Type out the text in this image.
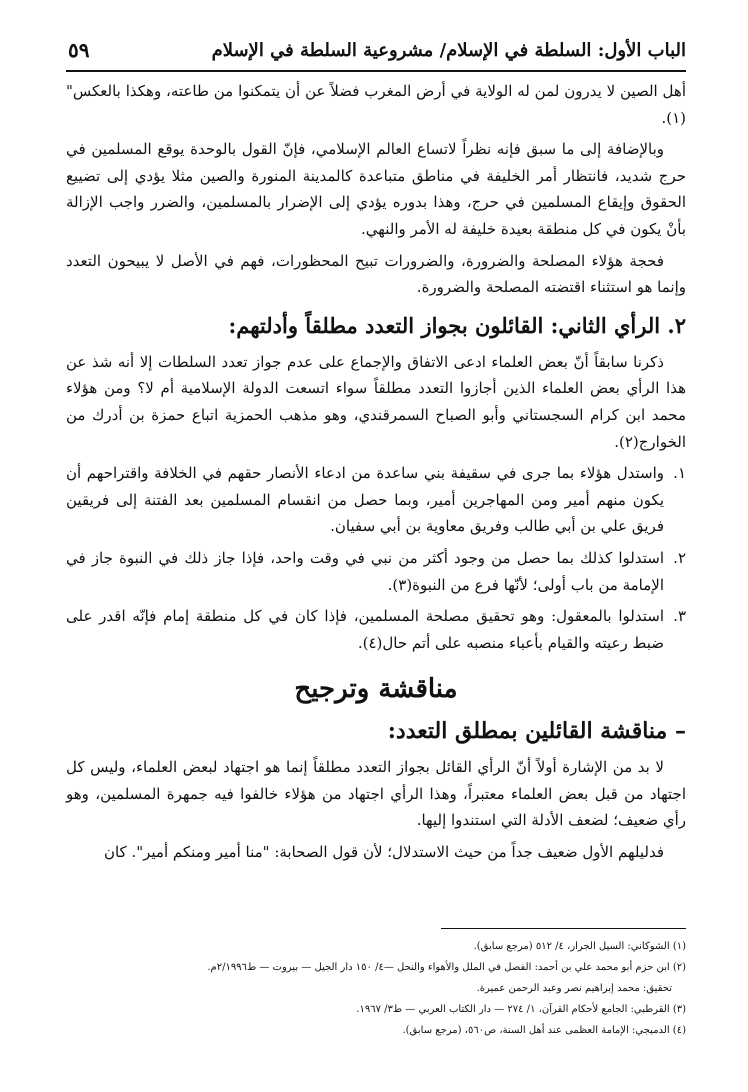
الباب الأول: السلطة في الإسلام/ مشروعية السلطة في الإسلام
٥٩

أهل الصين لا يدرون لمن له الولاية في أرض المغرب فضلاً عن أن يتمكنوا من طاعته، وهكذا بالعكس"(١).

وبالإضافة إلى ما سبق فإنه نظراً لاتساع العالم الإسلامي، فإنّ القول بالوحدة يوقع المسلمين في حرج شديد، فانتظار أمر الخليفة في مناطق متباعدة كالمدينة المنورة والصين مثلا يؤدي إلى تضييع الحقوق وإيقاع المسلمين في حرج، وهذا بدوره يؤدي إلى الإضرار بالمسلمين، والضرر واجب الإزالة بأنْ يكون في كل منطقة بعيدة خليفة له الأمر والنهي.

فحجة هؤلاء المصلحة والضرورة، والضرورات تبيح المحظورات، فهم في الأصل لا يبيحون التعدد وإنما هو استثناء اقتضته المصلحة والضرورة.

٢. الرأي الثاني: القائلون بجواز التعدد مطلقاً وأدلتهم:

ذكرنا سابقاً أنّ بعض العلماء ادعى الاتفاق والإجماع على عدم جواز تعدد السلطات إلا أنه شذ عن هذا الرأي بعض العلماء الذين أجازوا التعدد مطلقاً سواء اتسعت الدولة الإسلامية أم لا؟ ومن هؤلاء محمد ابن كرام السجستاني وأبو الصباح السمرقندي، وهو مذهب الحمزية اتباع حمزة بن أدرك من الخوارج(٢).

١.
واستدل هؤلاء بما جرى في سقيفة بني ساعدة من ادعاء الأنصار حقهم في الخلافة واقتراحهم أن يكون منهم أمير ومن المهاجرين أمير، وبما حصل من انقسام المسلمين بعد الفتنة إلى فريقين فريق علي بن أبي طالب وفريق معاوية بن أبي سفيان.
٢.
استدلوا كذلك بما حصل من وجود أكثر من نبي في وقت واحد، فإذا جاز ذلك في النبوة جاز في الإمامة من باب أولى؛ لأنّها فرع من النبوة(٣).
٣.
استدلوا بالمعقول: وهو تحقيق مصلحة المسلمين، فإذا كان في كل منطقة إمام فإنّه اقدر على ضبط رعيته والقيام بأعباء منصبه على أتم حال(٤).
مناقشة وترجيح
– مناقشة القائلين بمطلق التعدد:

لا بد من الإشارة أولاً أنّ الرأي القائل بجواز التعدد مطلقاً إنما هو اجتهاد لبعض العلماء، وليس كل اجتهاد من قبل بعض العلماء معتبراً، وهذا الرأي اجتهاد من هؤلاء خالفوا فيه جمهرة المسلمين، وهو رأي ضعيف؛ لضعف الأدلة التي استندوا إليها.

فدليلهم الأول ضعيف جداً من حيث الاستدلال؛ لأن قول الصحابة: "منا أمير ومنكم أمير". كان

(١) الشوكاني: السيل الجرار، ٤/ ٥١٢ (مرجع سابق).

(٢) ابن حزم أبو محمد علي بن أحمد: الفصل في الملل والأهواء والنحل —٤/ ١٥٠ دار الجيل — بيروت — ط٢/١٩٩٦م.

تحقيق: محمد إبراهيم نصر وعبد الرحمن عميرة.

(٣) القرطبي: الجامع لأحكام القرآن، ١/ ٢٧٤ — دار الكتاب العربي — ط٣/ ١٩٦٧.

(٤) الدميجي: الإمامة العظمى عند أهل السنة، ص٥٦٠، (مرجع سابق).
